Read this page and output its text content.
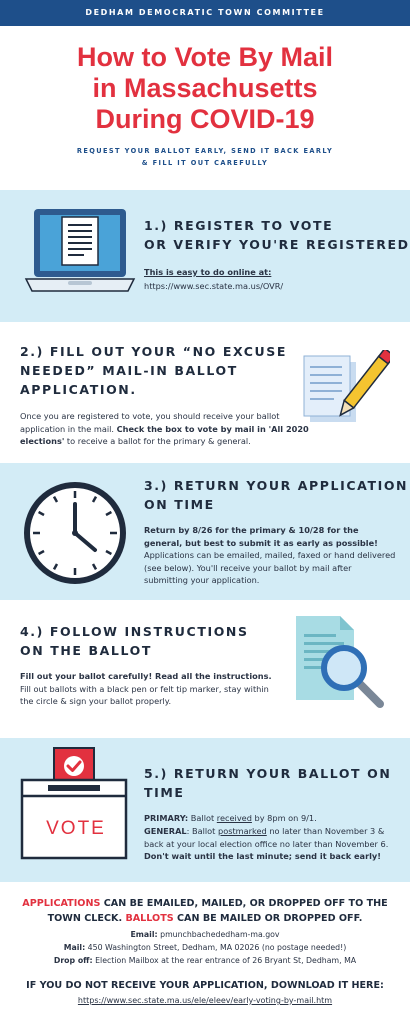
DEDHAM DEMOCRATIC TOWN COMMITTEE
How to Vote By Mail
in Massachusetts
During COVID-19
REQUEST YOUR BALLOT EARLY, SEND IT BACK EARLY
& FILL IT OUT CAREFULLY
1.) REGISTER TO VOTE
OR VERIFY YOU'RE REGISTERED
This is easy to do online at:
https://www.sec.state.ma.us/OVR/
2.) FILL OUT YOUR “NO EXCUSE
NEEDED” MAIL-IN BALLOT
APPLICATION.
Once you are registered to vote, you should receive your ballot application in the mail. Check the box to vote by mail in 'All 2020 elections' to receive a ballot for the primary & general.
3.) RETURN YOUR APPLICATION
ON TIME
Return by 8/26 for the primary & 10/28 for the general, but best to submit it as early as possible! Applications can be emailed, mailed, faxed or hand delivered (see below). You'll receive your ballot by mail after submitting your application.
4.) FOLLOW INSTRUCTIONS
ON THE BALLOT
Fill out your ballot carefully! Read all the instructions. Fill out ballots with a black pen or felt tip marker, stay within the circle & sign your ballot properly.
VOTE
5.) RETURN YOUR BALLOT ON
TIME
PRIMARY: Ballot received by 8pm on 9/1.
GENERAL: Ballot postmarked no later than November 3 & back at your local election office no later than November 6. Don't wait until the last minute; send it back early!
APPLICATIONS CAN BE EMAILED, MAILED, OR DROPPED OFF TO THE TOWN CLECK. BALLOTS CAN BE MAILED OR DROPPED OFF.
Email: pmunchbachededham-ma.gov
Mail: 450 Washington Street, Dedham, MA 02026 (no postage needed!)
Drop off: Election Mailbox at the rear entrance of 26 Bryant St, Dedham, MA
IF YOU DO NOT RECEIVE YOUR APPLICATION, DOWNLOAD IT HERE:
https://www.sec.state.ma.us/ele/eleev/early-voting-by-mail.htm
